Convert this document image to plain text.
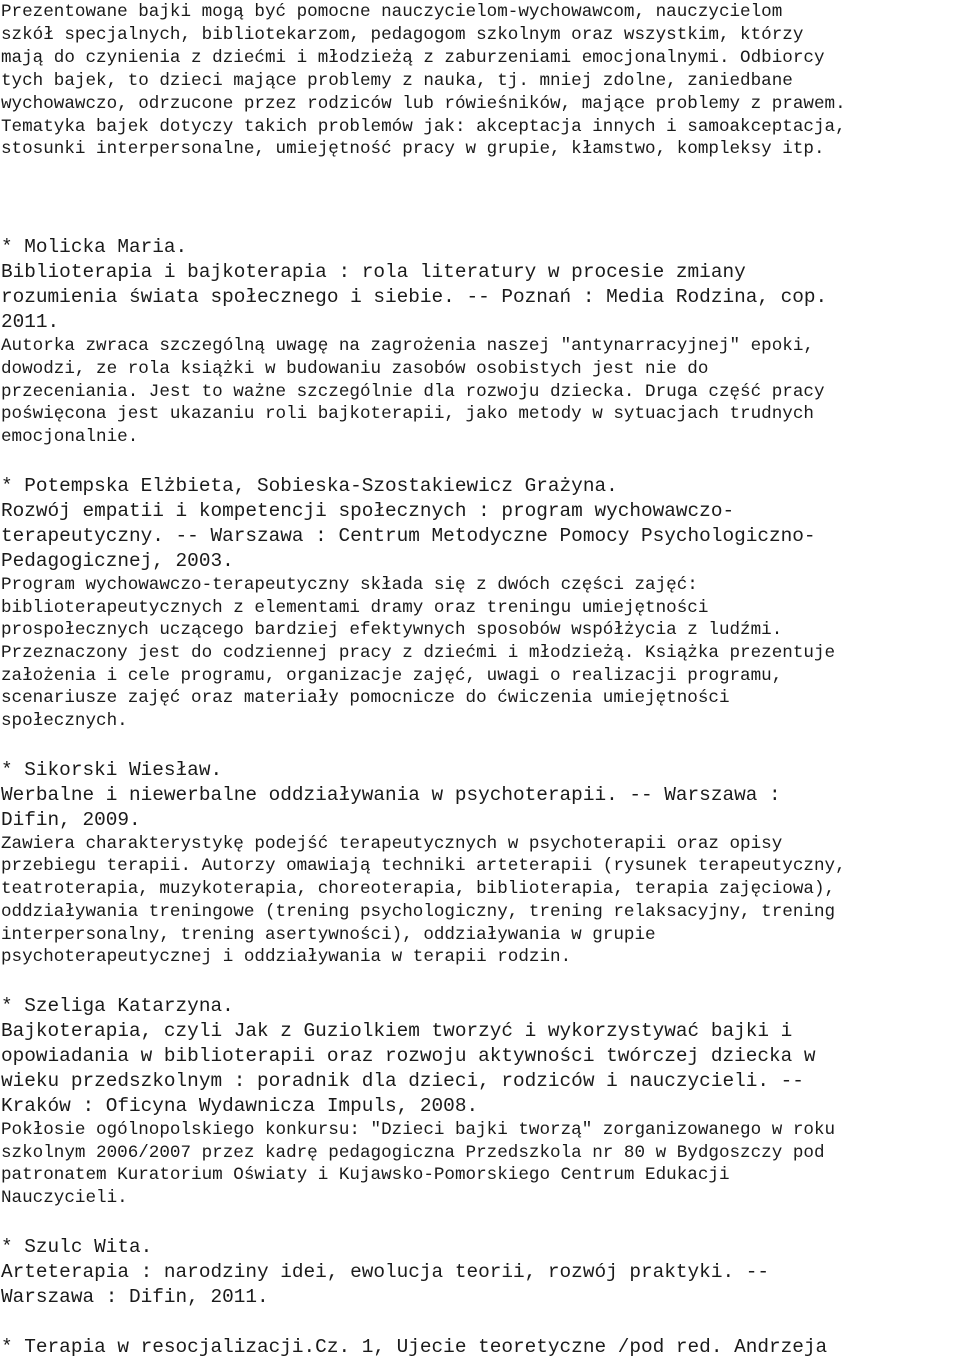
Prezentowane bajki mogą być pomocne nauczycielom-wychowawcom, nauczycielom
szkół specjalnych, bibliotekarzom, pedagogom szkolnym oraz wszystkim, którzy
mają do czynienia z dziećmi i młodzieżą z zaburzeniami emocjonalnymi. Odbiorcy
tych bajek, to dzieci mające problemy z nauka, tj. mniej zdolne, zaniedbane
wychowawczo, odrzucone przez rodziców lub rówieśników, mające problemy z prawem.
Tematyka bajek dotyczy takich problemów jak: akceptacja innych i samoakceptacja,
stosunki interpersonalne, umiejętność pracy w grupie, kłamstwo, kompleksy itp.
* Molicka Maria.
Biblioterapia i bajkoterapia : rola literatury w procesie zmiany
rozumienia świata społecznego i siebie. -- Poznań : Media Rodzina, cop.
2011.
Autorka zwraca szczególną uwagę na zagrożenia naszej "antynarracyjnej" epoki,
dowodzi, ze rola książki w budowaniu zasobów osobistych jest nie do
przeceniania. Jest to ważne szczególnie dla rozwoju dziecka. Druga część pracy
poświęcona jest ukazaniu roli bajkoterapii, jako metody w sytuacjach trudnych
emocjonalnie.
* Potempska Elżbieta, Sobieska-Szostakiewicz Grażyna.
Rozwój empatii i kompetencji społecznych : program wychowawczo-
terapeutyczny. -- Warszawa : Centrum Metodyczne Pomocy Psychologiczno-
Pedagogicznej, 2003.
Program wychowawczo-terapeutyczny składa się z dwóch części zajęć:
biblioterapeutycznych z elementami dramy oraz treningu umiejętności
prospołecznych uczącego bardziej efektywnych sposobów współżycia z ludźmi.
Przeznaczony jest do codziennej pracy z dziećmi i młodzieżą. Książka prezentuje
założenia i cele programu, organizacje zajęć, uwagi o realizacji programu,
scenariusze zajęć oraz materiały pomocnicze do ćwiczenia umiejętności
społecznych.
* Sikorski Wiesław.
Werbalne i niewerbalne oddziaływania w psychoterapii. -- Warszawa :
Difin, 2009.
Zawiera charakterystykę podejść terapeutycznych w psychoterapii oraz opisy
przebiegu terapii. Autorzy omawiają techniki arteterapii (rysunek terapeutyczny,
teatroterapia, muzykoterapia, choreoterapia, biblioterapia, terapia zajęciowa),
oddziaływania treningowe (trening psychologiczny, trening relaksacyjny, trening
interpersonalny, trening asertywności), oddziaływania w grupie
psychoterapeutycznej i oddziaływania w terapii rodzin.
* Szeliga Katarzyna.
Bajkoterapia, czyli Jak z Guziolkiem tworzyć i wykorzystywać bajki i
opowiadania w biblioterapii oraz rozwoju aktywności twórczej dziecka w
wieku przedszkolnym : poradnik dla dzieci, rodziców i nauczycieli. --
Kraków : Oficyna Wydawnicza Impuls, 2008.
Pokłosie ogólnopolskiego konkursu: "Dzieci bajki tworzą" zorganizowanego w roku
szkolnym 2006/2007 przez kadrę pedagogiczna Przedszkola nr 80 w Bydgoszczy pod
patronatem Kuratorium Oświaty i Kujawsko-Pomorskiego Centrum Edukacji
Nauczycieli.
* Szulc Wita.
Arteterapia : narodziny idei, ewolucja teorii, rozwój praktyki. --
Warszawa : Difin, 2011.
* Terapia w resocjalizacji.Cz. 1, Ujecie teoretyczne /pod red. Andrzeja
